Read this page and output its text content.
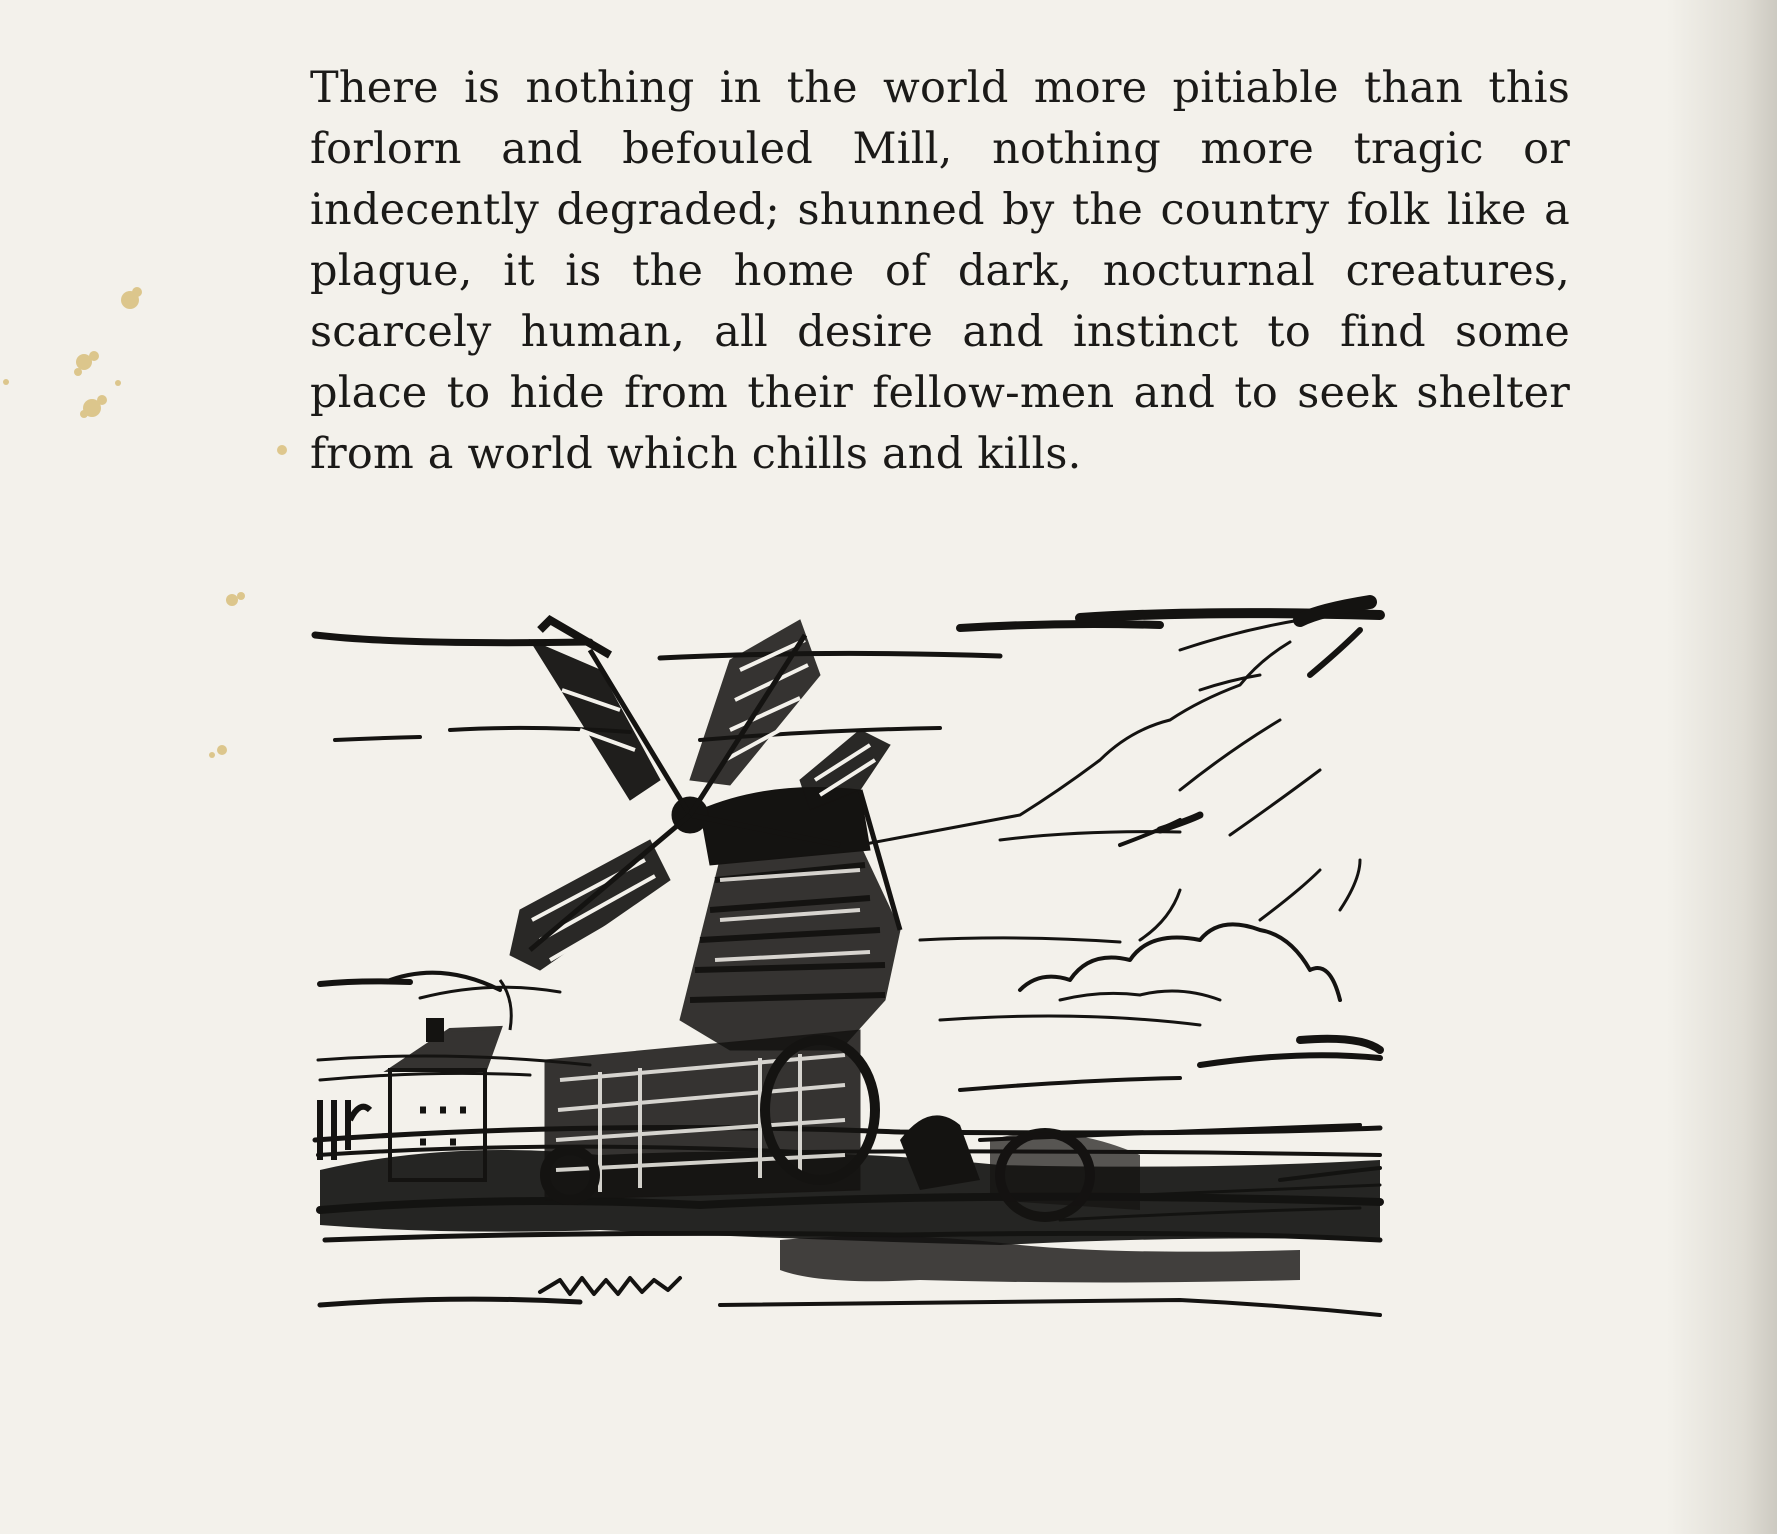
There is nothing in the world more pitiable than this forlorn and befouled Mill, nothing more tragic or indecently degraded; shunned by the country folk like a plague, it is the home of dark, nocturnal creatures, scarcely human, all desire and instinct to find some place to hide from their fellow-men and to seek shelter from a world which chills and kills.
